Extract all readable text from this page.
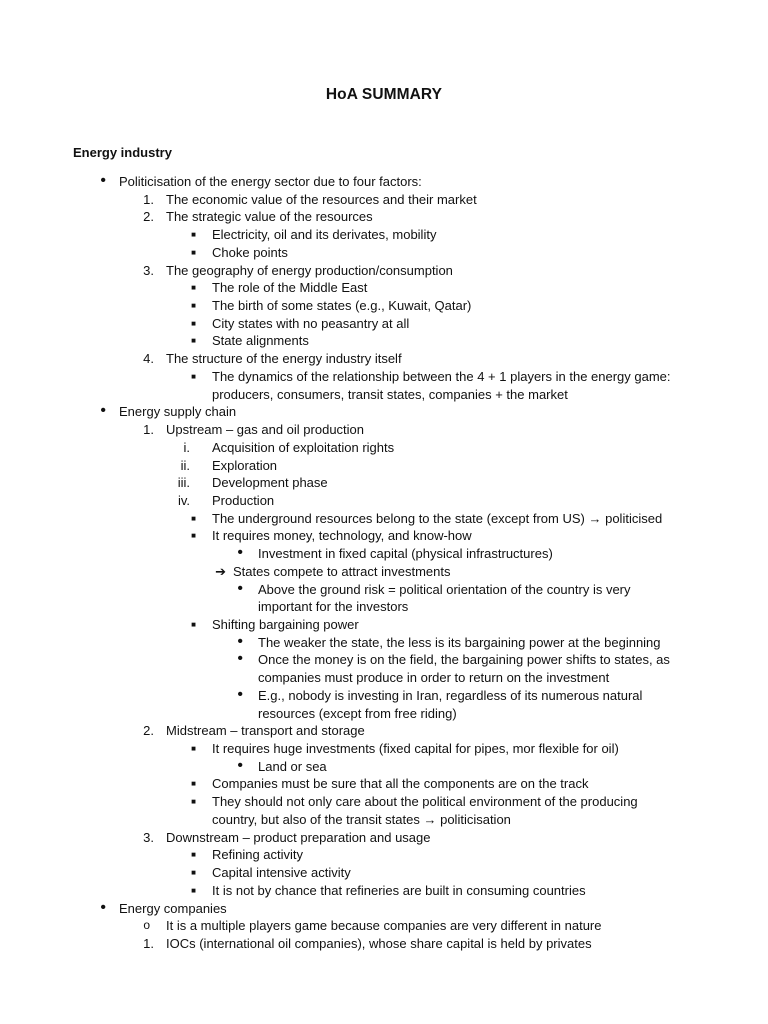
HoA SUMMARY
Energy industry
• Politicisation of the energy sector due to four factors:
1. The economic value of the resources and their market
2. The strategic value of the resources
■ Electricity, oil and its derivates, mobility
■ Choke points
3. The geography of energy production/consumption
■ The role of the Middle East
■ The birth of some states (e.g., Kuwait, Qatar)
■ City states with no peasantry at all
■ State alignments
4. The structure of the energy industry itself
■ The dynamics of the relationship between the 4 + 1 players in the energy game:
producers, consumers, transit states, companies + the market
• Energy supply chain
1. Upstream – gas and oil production
i. Acquisition of exploitation rights
ii. Exploration
iii. Development phase
iv. Production
■ The underground resources belong to the state (except from US) → politicised
■ It requires money, technology, and know-how
• Investment in fixed capital (physical infrastructures)
➔ States compete to attract investments
• Above the ground risk = political orientation of the country is very
important for the investors
■ Shifting bargaining power
• The weaker the state, the less is its bargaining power at the beginning
• Once the money is on the field, the bargaining power shifts to states, as
companies must produce in order to return on the investment
• E.g., nobody is investing in Iran, regardless of its numerous natural
resources (except from free riding)
2. Midstream – transport and storage
■ It requires huge investments (fixed capital for pipes, mor flexible for oil)
• Land or sea
■ Companies must be sure that all the components are on the track
■ They should not only care about the political environment of the producing
country, but also of the transit states → politicisation
3. Downstream – product preparation and usage
■ Refining activity
■ Capital intensive activity
■ It is not by chance that refineries are built in consuming countries
• Energy companies
o It is a multiple players game because companies are very different in nature
1. IOCs (international oil companies), whose share capital is held by privates
